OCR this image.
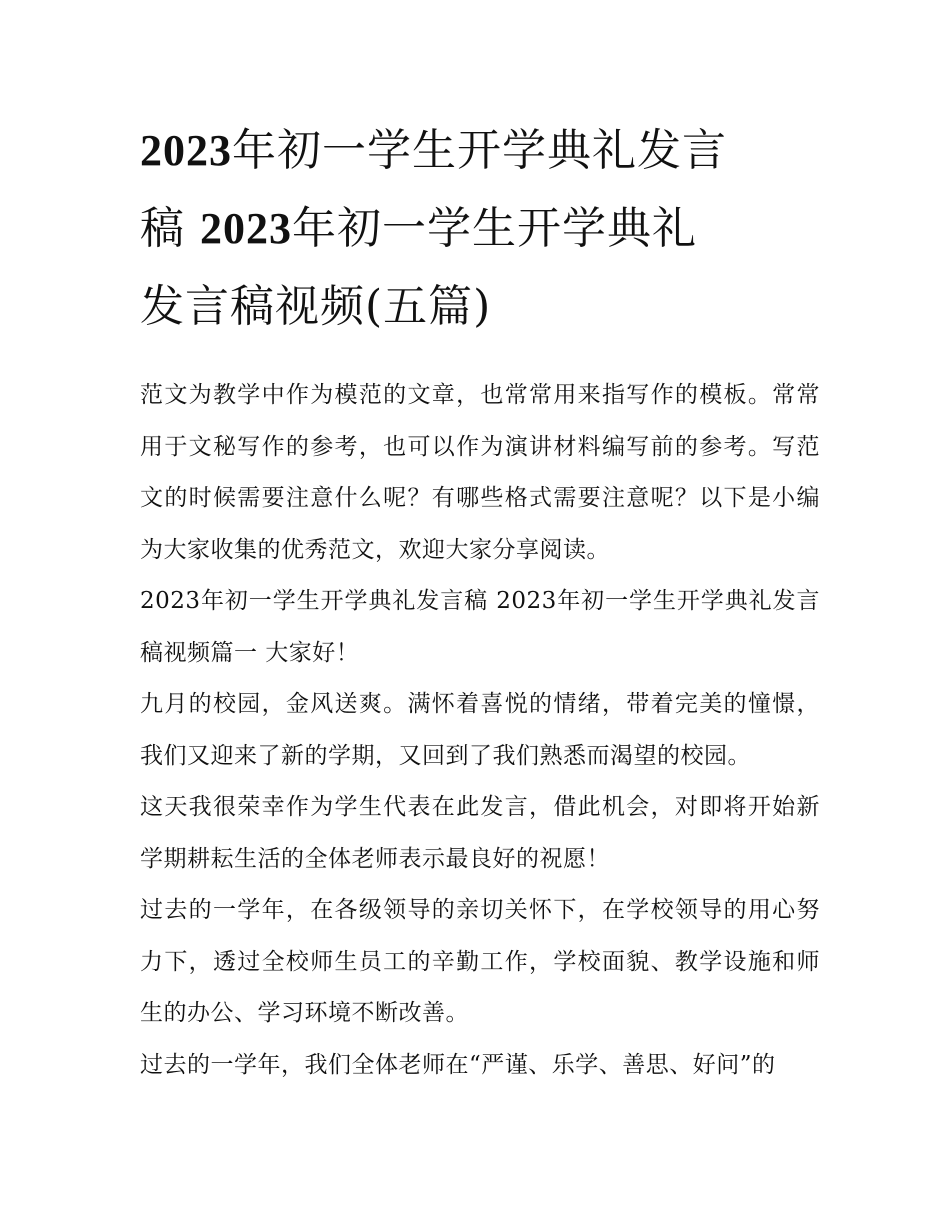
2023年初一学生开学典礼发言
稿 2023年初一学生开学典礼
发言稿视频(五篇)

范文为教学中作为模范的文章，也常常用来指写作的模板。常常用于文秘写作的参考，也可以作为演讲材料编写前的参考。写范文的时候需要注意什么呢？有哪些格式需要注意呢？以下是小编为大家收集的优秀范文，欢迎大家分享阅读。

2023年初一学生开学典礼发言稿 2023年初一学生开学典礼发言稿视频篇一 大家好！

九月的校园，金风送爽。满怀着喜悦的情绪，带着完美的憧憬，我们又迎来了新的学期，又回到了我们熟悉而渴望的校园。

这天我很荣幸作为学生代表在此发言，借此机会，对即将开始新学期耕耘生活的全体老师表示最良好的祝愿！

过去的一学年，在各级领导的亲切关怀下，在学校领导的用心努力下，透过全校师生员工的辛勤工作，学校面貌、教学设施和师生的办公、学习环境不断改善。

过去的一学年，我们全体老师在“严谨、乐学、善思、好问”的
